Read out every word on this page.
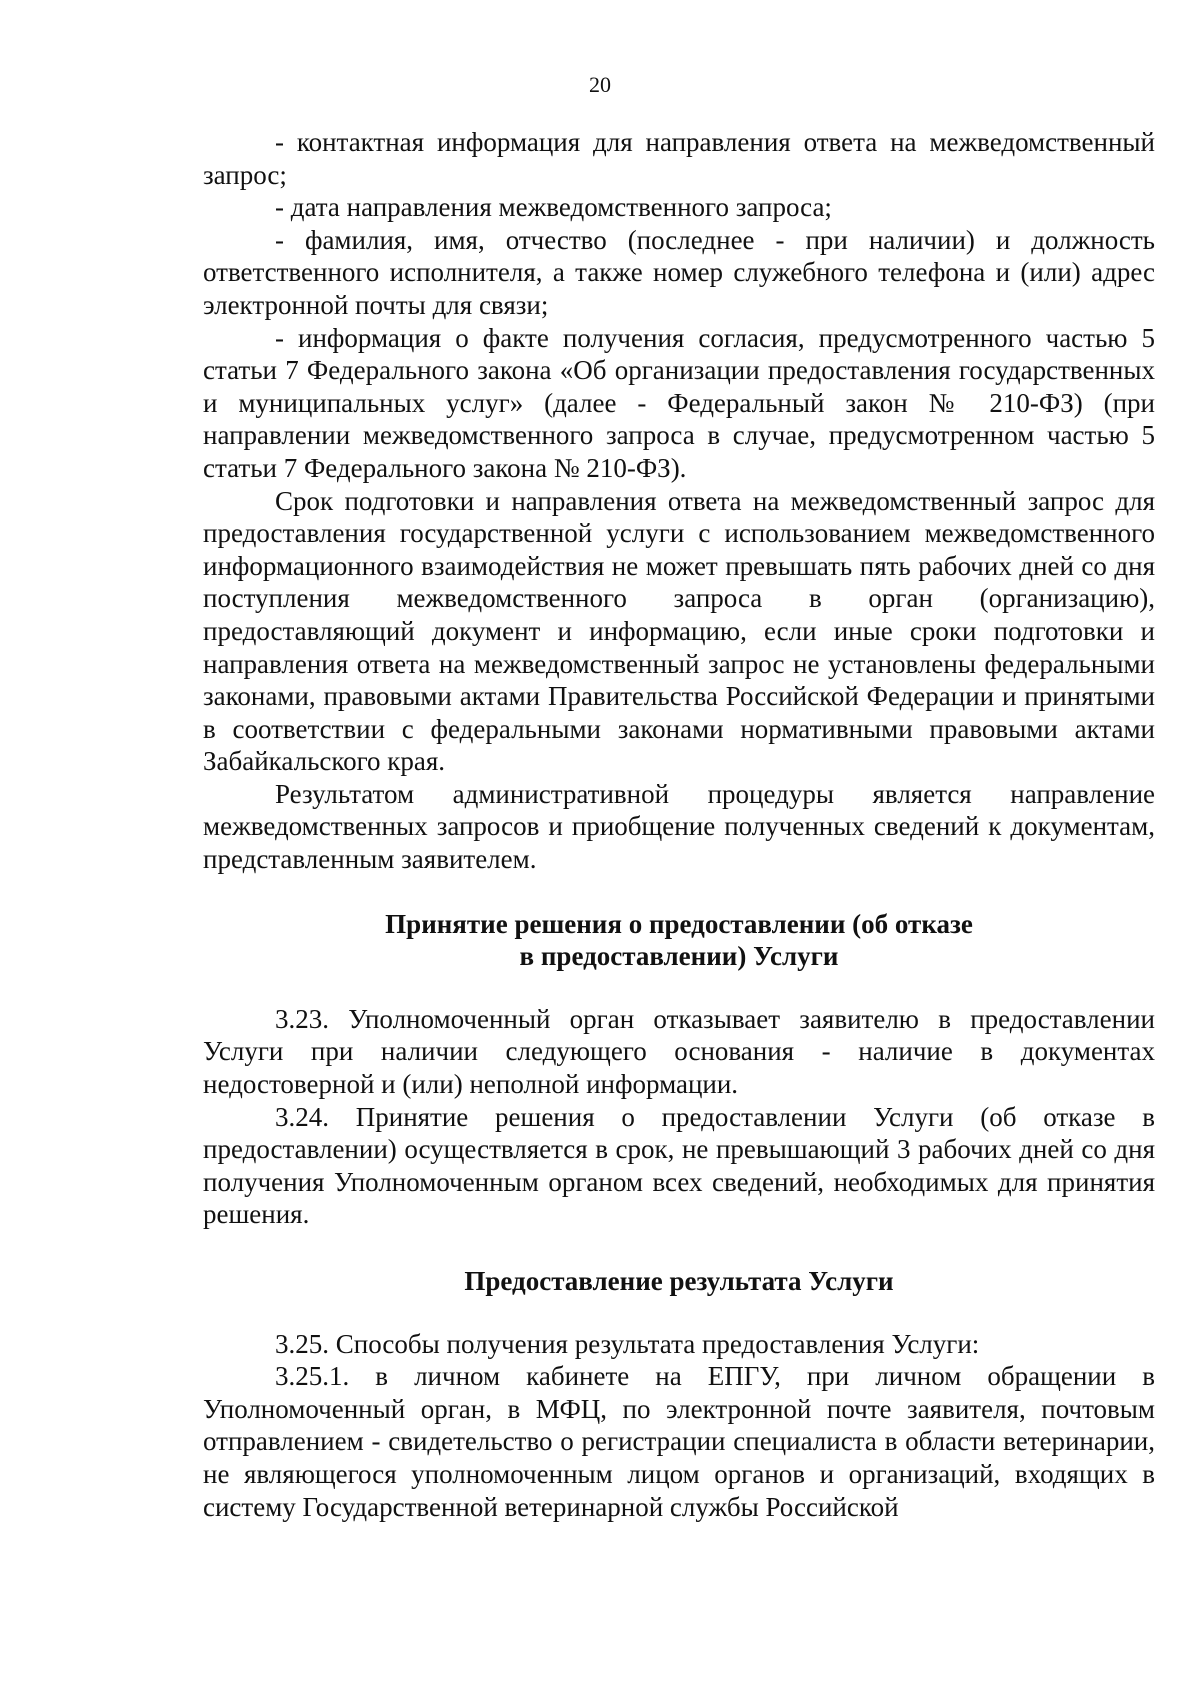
20

- контактная информация для направления ответа на межведомственный запрос;

- дата направления межведомственного запроса;

- фамилия, имя, отчество (последнее - при наличии) и должность ответственного исполнителя, а также номер служебного телефона и (или) адрес электронной почты для связи;

- информация о факте получения согласия, предусмотренного частью 5 статьи 7 Федерального закона «Об организации предоставления государственных и муниципальных услуг» (далее - Федеральный закон № 210-ФЗ) (при направлении межведомственного запроса в случае, предусмотренном частью 5 статьи 7 Федерального закона № 210-ФЗ).

Срок подготовки и направления ответа на межведомственный запрос для предоставления государственной услуги с использованием межведомственного информационного взаимодействия не может превышать пять рабочих дней со дня поступления межведомственного запроса в орган (организацию), предоставляющий документ и информацию, если иные сроки подготовки и направления ответа на межведомственный запрос не установлены федеральными законами, правовыми актами Правительства Российской Федерации и принятыми в соответствии с федеральными законами нормативными правовыми актами Забайкальского края.

Результатом административной процедуры является направление межведомственных запросов и приобщение полученных сведений к документам, представленным заявителем.

Принятие решения о предоставлении (об отказе
в предоставлении) Услуги

3.23. Уполномоченный орган отказывает заявителю в предоставлении Услуги при наличии следующего основания - наличие в документах недостоверной и (или) неполной информации.

3.24. Принятие решения о предоставлении Услуги (об отказе в предоставлении) осуществляется в срок, не превышающий 3 рабочих дней со дня получения Уполномоченным органом всех сведений, необходимых для принятия решения.

Предоставление результата Услуги

3.25. Способы получения результата предоставления Услуги:

3.25.1. в личном кабинете на ЕПГУ, при личном обращении в Уполномоченный орган, в МФЦ, по электронной почте заявителя, почтовым отправлением - свидетельство о регистрации специалиста в области ветеринарии, не являющегося уполномоченным лицом органов и организаций, входящих в систему Государственной ветеринарной службы Российской
